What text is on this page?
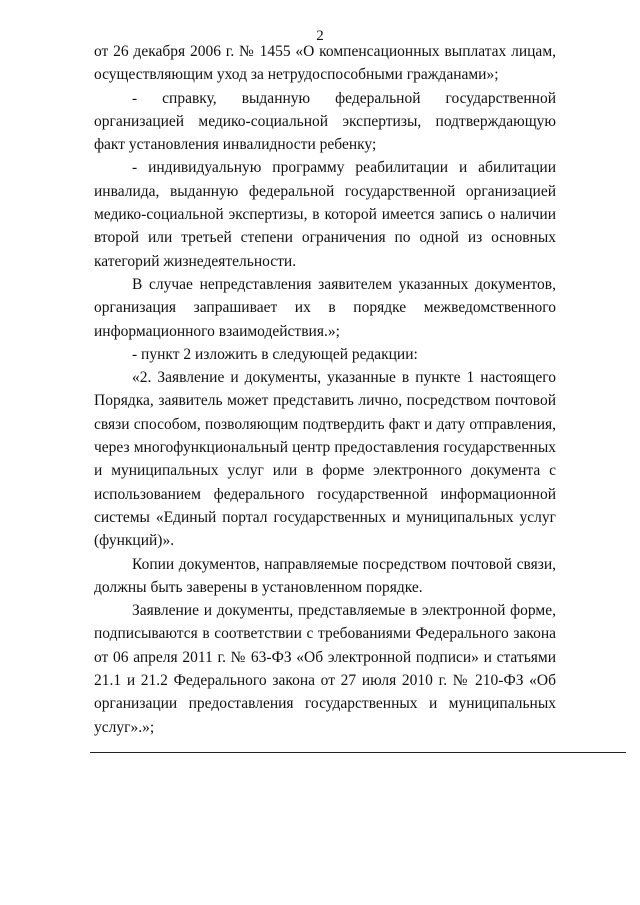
2

от 26 декабря 2006 г. № 1455 «О компенсационных выплатах лицам, осуществляющим уход за нетрудоспособными гражданами»;

- справку, выданную федеральной государственной организацией медико-социальной экспертизы, подтверждающую факт установления инвалидности ребенку;

- индивидуальную программу реабилитации и абилитации инвалида, выданную федеральной государственной организацией медико-социальной экспертизы, в которой имеется запись о наличии второй или третьей степени ограничения по одной из основных категорий жизнедеятельности.

В случае непредставления заявителем указанных документов, организация запрашивает их в порядке межведомственного информационного взаимодействия.»;

- пункт 2 изложить в следующей редакции:

«2. Заявление и документы, указанные в пункте 1 настоящего Порядка, заявитель может представить лично, посредством почтовой связи способом, позволяющим подтвердить факт и дату отправления, через многофункциональный центр предоставления государственных и муниципальных услуг или в форме электронного документа с использованием федерального государственной информационной системы «Единый портал государственных и муниципальных услуг (функций)».

Копии документов, направляемые посредством почтовой связи, должны быть заверены в установленном порядке.

Заявление и документы, представляемые в электронной форме, подписываются в соответствии с требованиями Федерального закона от 06 апреля 2011 г. № 63-ФЗ «Об электронной подписи» и статьями 21.1 и 21.2 Федерального закона от 27 июля 2010 г. № 210-ФЗ «Об организации предоставления государственных и муниципальных услуг».»;
